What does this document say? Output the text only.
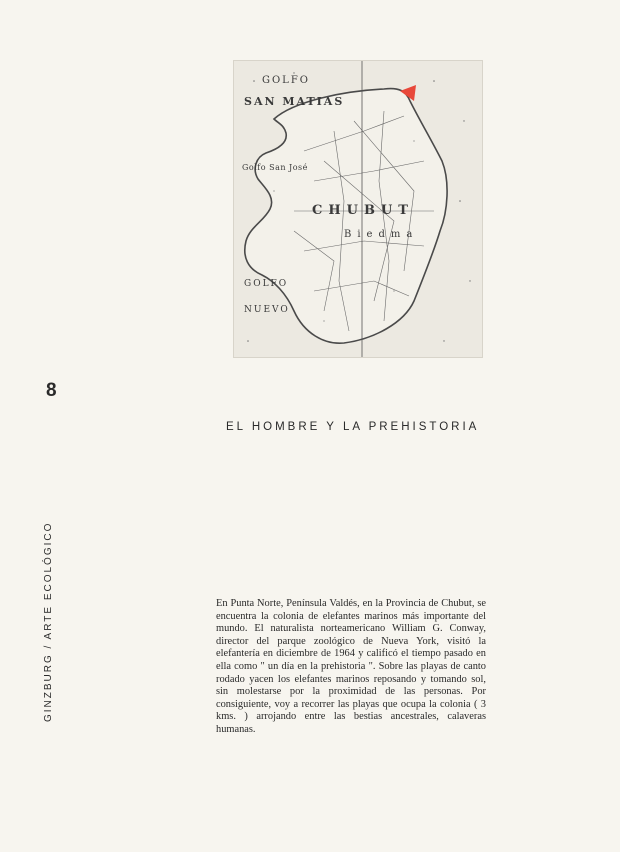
GOLFO
SAN MATIAS
Golfo San José
CHUBUT
Biedma
GOLFO
NUEVO
8
EL HOMBRE Y LA PREHISTORIA
GINZBURG / ARTE ECOLÓGICO	En Punta Norte, Península Valdés, en la Provincia de Chubut, se encuentra la colonia de elefantes marinos más importante del mundo. El naturalista norteamericano William G. Conway, director del parque zoológico de Nueva York, visitó la elefantería en diciembre de 1964 y calificó el tiempo pasado en ella como " un día en la prehistoria ". Sobre las playas de canto rodado yacen los elefantes marinos reposando y tomando sol, sin molestarse por la proximidad de las personas. Por consiguiente, voy a recorrer las playas que ocupa la colonia ( 3 kms. ) arrojando entre las bestias ancestrales, calaveras humanas.
